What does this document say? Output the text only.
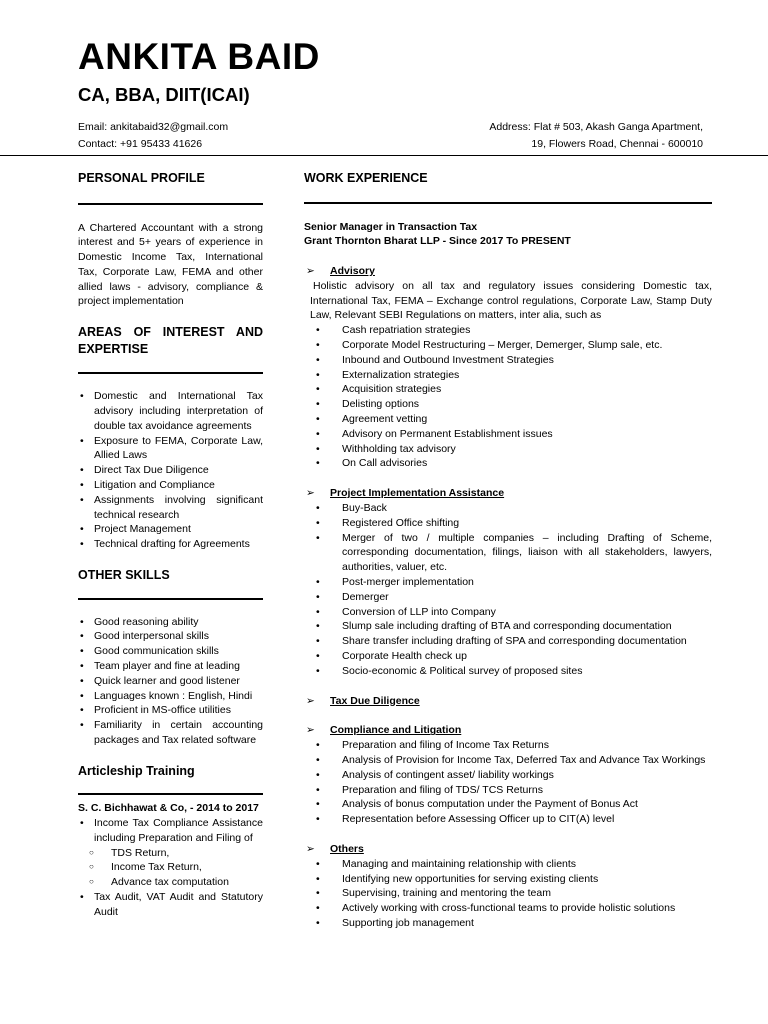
ANKITA BAID
CA, BBA, DIIT(ICAI)
Email: ankitabaid32@gmail.com
Contact: +91 95433 41626
Address: Flat # 503, Akash Ganga Apartment,
19, Flowers Road, Chennai - 600010
PERSONAL PROFILE
A Chartered Accountant with a strong interest and 5+ years of experience in Domestic Income Tax, International Tax, Corporate Law, FEMA and other allied laws - advisory, compliance & project implementation
AREAS OF INTEREST AND EXPERTISE
• Domestic and International Tax advisory including interpretation of double tax avoidance agreements
• Exposure to FEMA, Corporate Law, Allied Laws
• Direct Tax Due Diligence
• Litigation and Compliance
• Assignments involving significant technical research
• Project Management
• Technical drafting for Agreements
OTHER SKILLS
• Good reasoning ability
• Good interpersonal skills
• Good communication skills
• Team player and fine at leading
• Quick learner and good listener
• Languages known : English, Hindi
• Proficient in MS-office utilities
• Familiarity in certain accounting packages and Tax related software
Articleship Training
S. C. Bichhawat & Co, - 2014 to 2017
• Income Tax Compliance Assistance including Preparation and Filing of
○ TDS Return,
○ Income Tax Return,
○ Advance tax computation
• Tax Audit, VAT Audit and Statutory Audit
WORK EXPERIENCE
Senior Manager in Transaction Tax
Grant Thornton Bharat LLP - Since 2017 To PRESENT
➢ Advisory
Holistic advisory on all tax and regulatory issues considering Domestic tax, International Tax, FEMA – Exchange control regulations, Corporate Law, Stamp Duty Law, Relevant SEBI Regulations on matters, inter alia, such as
• Cash repatriation strategies
• Corporate Model Restructuring – Merger, Demerger, Slump sale, etc.
• Inbound and Outbound Investment Strategies
• Externalization strategies
• Acquisition strategies
• Delisting options
• Agreement vetting
• Advisory on Permanent Establishment issues
• Withholding tax advisory
• On Call advisories
➢ Project Implementation Assistance
• Buy-Back
• Registered Office shifting
• Merger of two / multiple companies – including Drafting of Scheme, corresponding documentation, filings, liaison with all stakeholders, lawyers, authorities, valuer, etc.
• Post-merger implementation
• Demerger
• Conversion of LLP into Company
• Slump sale including drafting of BTA and corresponding documentation
• Share transfer including drafting of SPA and corresponding documentation
• Corporate Health check up
• Socio-economic & Political survey of proposed sites
➢ Tax Due Diligence
➢ Compliance and Litigation
• Preparation and filing of Income Tax Returns
• Analysis of Provision for Income Tax, Deferred Tax and Advance Tax Workings
• Analysis of contingent asset/ liability workings
• Preparation and filing of TDS/ TCS Returns
• Analysis of bonus computation under the Payment of Bonus Act
• Representation before Assessing Officer up to CIT(A) level
➢ Others
• Managing and maintaining relationship with clients
• Identifying new opportunities for serving existing clients
• Supervising, training and mentoring the team
• Actively working with cross-functional teams to provide holistic solutions
• Supporting job management
